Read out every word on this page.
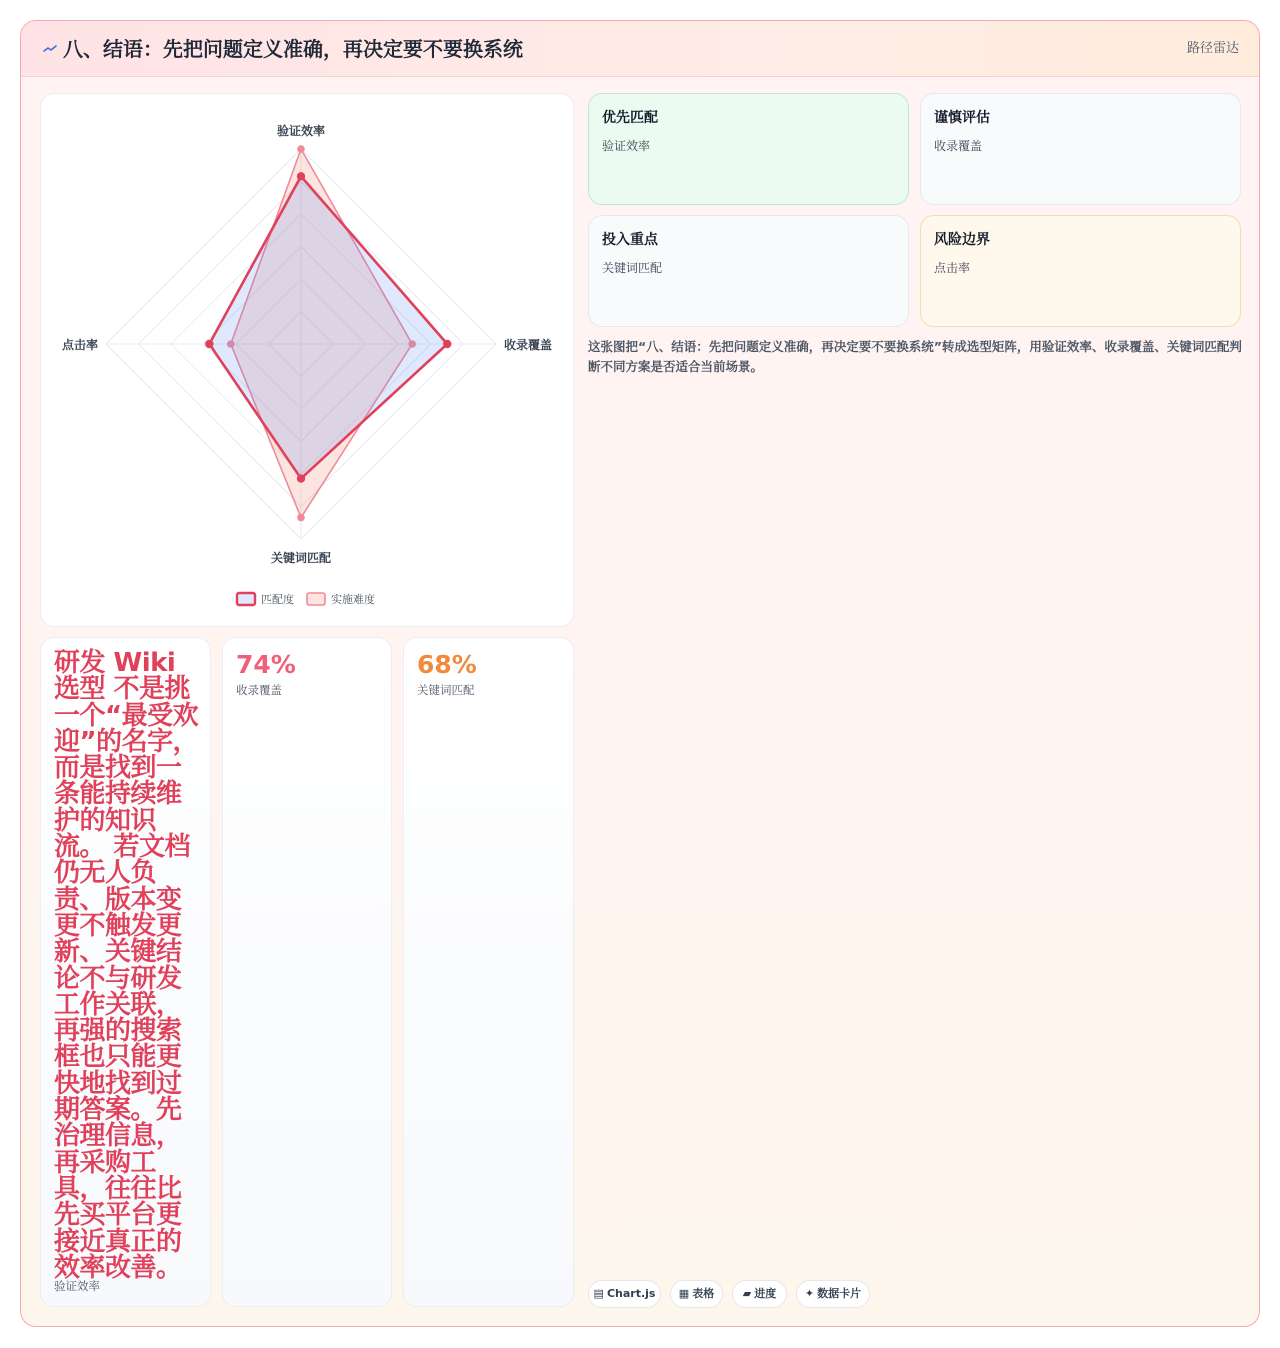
八、结语：先把问题定义准确，再决定要不要换系统	路径雷达
验证效率
收录覆盖
关键词匹配
点击率
匹配度	实施难度
优先匹配
验证效率
谨慎评估
收录覆盖
投入重点
关键词匹配
风险边界
点击率

这张图把“八、结语：先把问题定义准确，再决定要不要换系统”转成选型矩阵，用验证效率、收录覆盖、关键词匹配判断不同方案是否适合当前场景。

研发 Wiki 选型 不是挑一个“最受欢迎”的名字，而是找到一条能持续维护的知识流。 若文档仍无人负责、版本变更不触发更新、关键结论不与研发工作关联，再强的搜索框也只能更快地找到过期答案。先治理信息，再采购工具，往往比先买平台更接近真正的效率改善。
验证效率
74%
收录覆盖
68%
关键词匹配
▤ Chart.js	▦ 表格	▰ 进度	✦ 数据卡片
